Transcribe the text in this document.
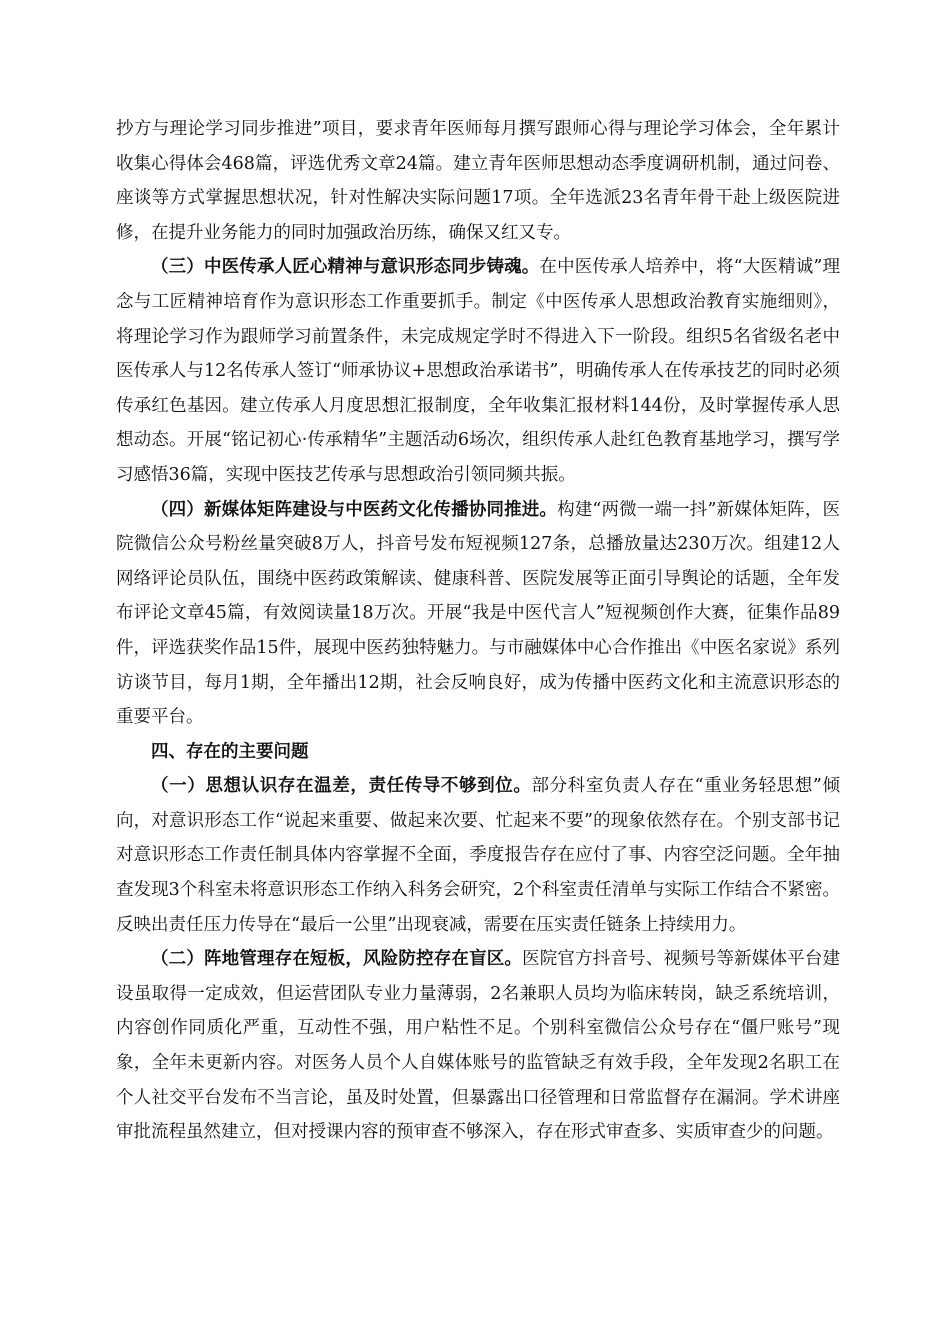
抄方与理论学习同步推进”项目，要求青年医师每月撰写跟师心得与理论学习体会，全年累计收集心得体会468篇，评选优秀文章24篇。建立青年医师思想动态季度调研机制，通过问卷、座谈等方式掌握思想状况，针对性解决实际问题17项。全年选派23名青年骨干赴上级医院进修，在提升业务能力的同时加强政治历练，确保又红又专。

（三）中医传承人匠心精神与意识形态同步铸魂。在中医传承人培养中，将“大医精诚”理念与工匠精神培育作为意识形态工作重要抓手。制定《中医传承人思想政治教育实施细则》，将理论学习作为跟师学习前置条件，未完成规定学时不得进入下一阶段。组织5名省级名老中医传承人与12名传承人签订“师承协议+思想政治承诺书”，明确传承人在传承技艺的同时必须传承红色基因。建立传承人月度思想汇报制度，全年收集汇报材料144份，及时掌握传承人思想动态。开展“铭记初心·传承精华”主题活动6场次，组织传承人赴红色教育基地学习，撰写学习感悟36篇，实现中医技艺传承与思想政治引领同频共振。

（四）新媒体矩阵建设与中医药文化传播协同推进。构建“两微一端一抖”新媒体矩阵，医院微信公众号粉丝量突破8万人，抖音号发布短视频127条，总播放量达230万次。组建12人网络评论员队伍，围绕中医药政策解读、健康科普、医院发展等正面引导舆论的话题，全年发布评论文章45篇，有效阅读量18万次。开展“我是中医代言人”短视频创作大赛，征集作品89件，评选获奖作品15件，展现中医药独特魅力。与市融媒体中心合作推出《中医名家说》系列访谈节目，每月1期，全年播出12期，社会反响良好，成为传播中医药文化和主流意识形态的重要平台。

四、存在的主要问题

（一）思想认识存在温差，责任传导不够到位。部分科室负责人存在“重业务轻思想”倾向，对意识形态工作“说起来重要、做起来次要、忙起来不要”的现象依然存在。个别支部书记对意识形态工作责任制具体内容掌握不全面，季度报告存在应付了事、内容空泛问题。全年抽查发现3个科室未将意识形态工作纳入科务会研究，2个科室责任清单与实际工作结合不紧密。反映出责任压力传导在“最后一公里”出现衰减，需要在压实责任链条上持续用力。

（二）阵地管理存在短板，风险防控存在盲区。医院官方抖音号、视频号等新媒体平台建设虽取得一定成效，但运营团队专业力量薄弱，2名兼职人员均为临床转岗，缺乏系统培训，内容创作同质化严重，互动性不强，用户粘性不足。个别科室微信公众号存在“僵尸账号”现象，全年未更新内容。对医务人员个人自媒体账号的监管缺乏有效手段，全年发现2名职工在个人社交平台发布不当言论，虽及时处置，但暴露出口径管理和日常监督存在漏洞。学术讲座审批流程虽然建立，但对授课内容的预审查不够深入，存在形式审查多、实质审查少的问题。
